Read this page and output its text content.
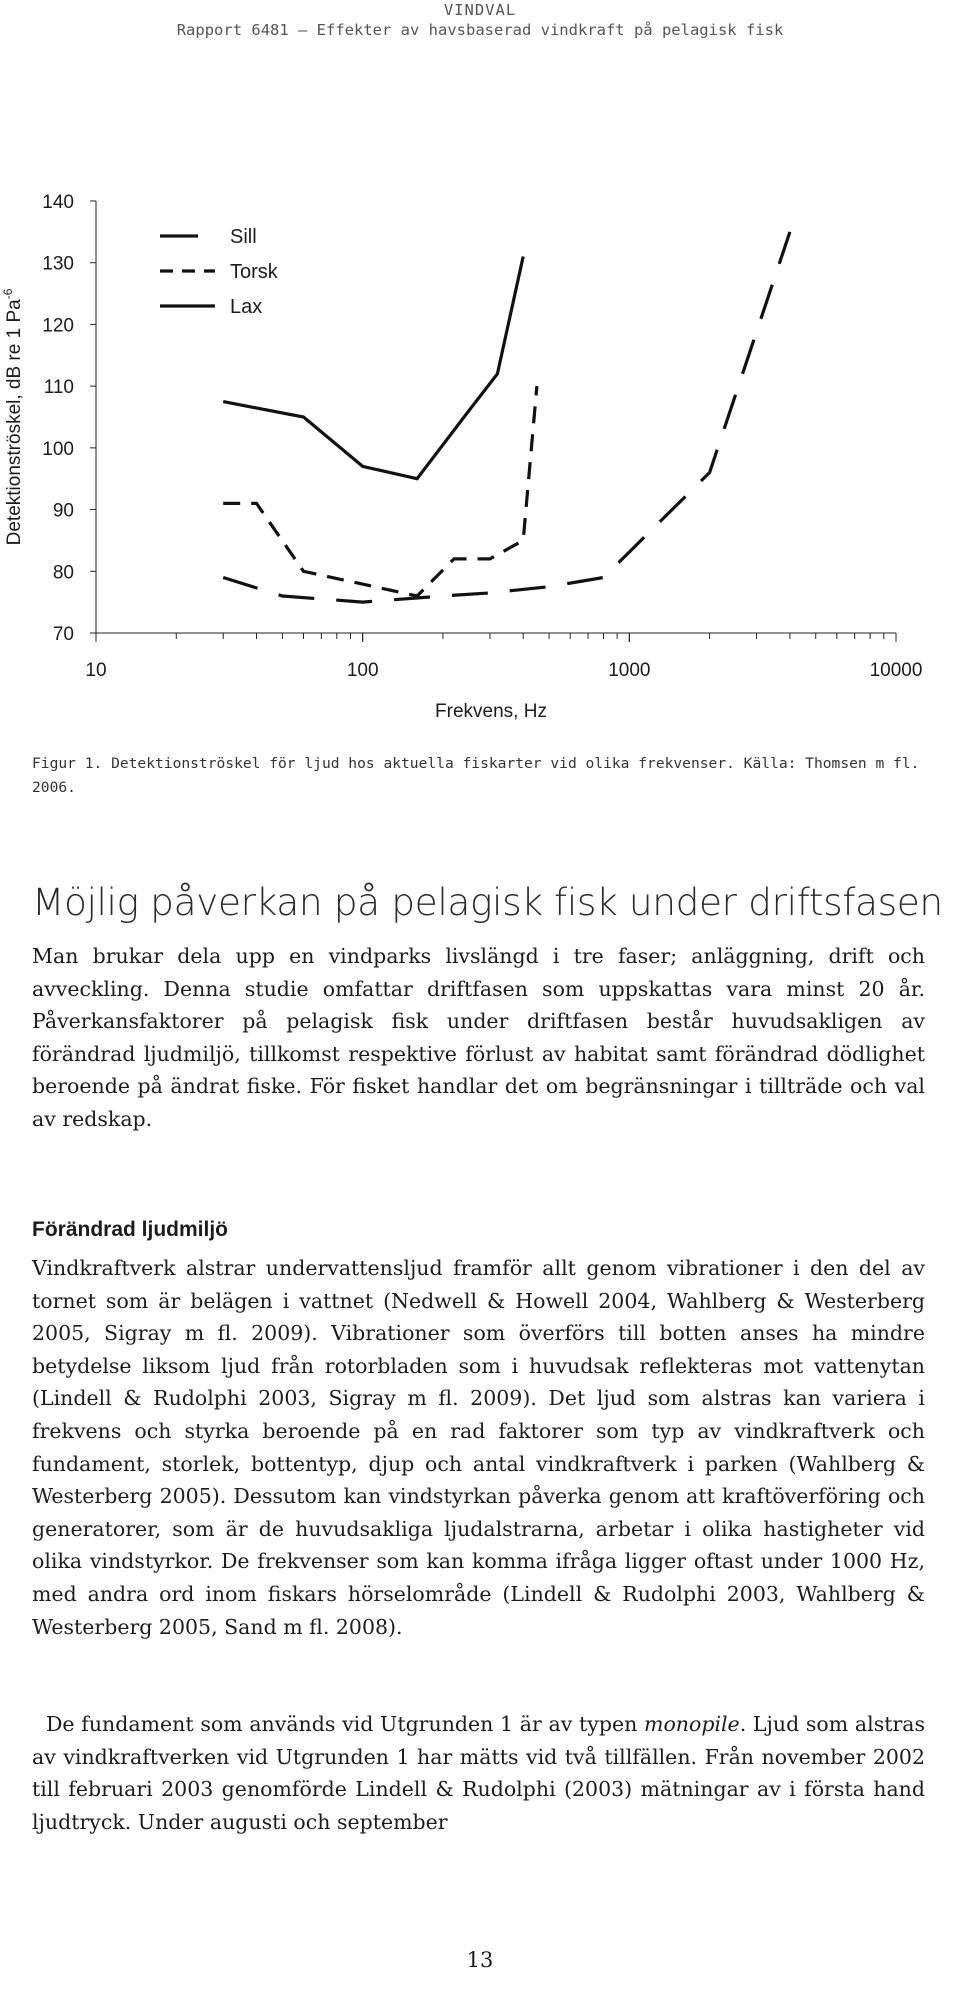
VINDVAL
Rapport 6481 – Effekter av havsbaserad vindkraft på pelagisk fisk
140
130
120
110
100
90
80
70
10	100	1000	10000
Sill
Torsk
Lax
Frekvens, Hz
Detektionströskel, dB re 1 $Pa^{-6}$
Figur 1. Detektionströskel för ljud hos aktuella fiskarter vid olika frekvenser. Källa: Thomsen m fl. 2006.
Möjlig påverkan på pelagisk fisk under driftsfasen
Man brukar dela upp en vindparks livslängd i tre faser; anläggning, drift och avveckling. Denna studie omfattar driftfasen som uppskattas vara minst 20 år. Påverkansfaktorer på pelagisk fisk under driftfasen består huvudsakligen av förändrad ljudmiljö, tillkomst respektive förlust av habitat samt förändrad dödlighet beroende på ändrat fiske. För fisket handlar det om begränsningar i tillträde och val av redskap.
Förändrad ljudmiljö
Vindkraftverk alstrar undervattensljud framför allt genom vibrationer i den del av tornet som är belägen i vattnet (Nedwell & Howell 2004, Wahlberg & Westerberg 2005, Sigray m fl. 2009). Vibrationer som överförs till botten anses ha mindre betydelse liksom ljud från rotorbladen som i huvudsak reflekteras mot vattenytan (Lindell & Rudolphi 2003, Sigray m fl. 2009). Det ljud som alstras kan variera i frekvens och styrka beroende på en rad faktorer som typ av vindkraftverk och fundament, storlek, bottentyp, djup och antal vindkraftverk i parken (Wahlberg & Westerberg 2005). Dessutom kan vindstyrkan påverka genom att kraftöverföring och generatorer, som är de huvudsakliga ljudalstrarna, arbetar i olika hastigheter vid olika vindstyrkor. De frekvenser som kan komma ifråga ligger oftast under 1000 Hz, med andra ord inom fiskars hörselområde (Lindell & Rudolphi 2003, Wahlberg & Westerberg 2005, Sand m fl. 2008).
De fundament som används vid Utgrunden 1 är av typen monopile. Ljud som alstras av vindkraftverken vid Utgrunden 1 har mätts vid två tillfällen. Från november 2002 till februari 2003 genomförde Lindell & Rudolphi (2003) mätningar av i första hand ljudtryck. Under augusti och september
13
